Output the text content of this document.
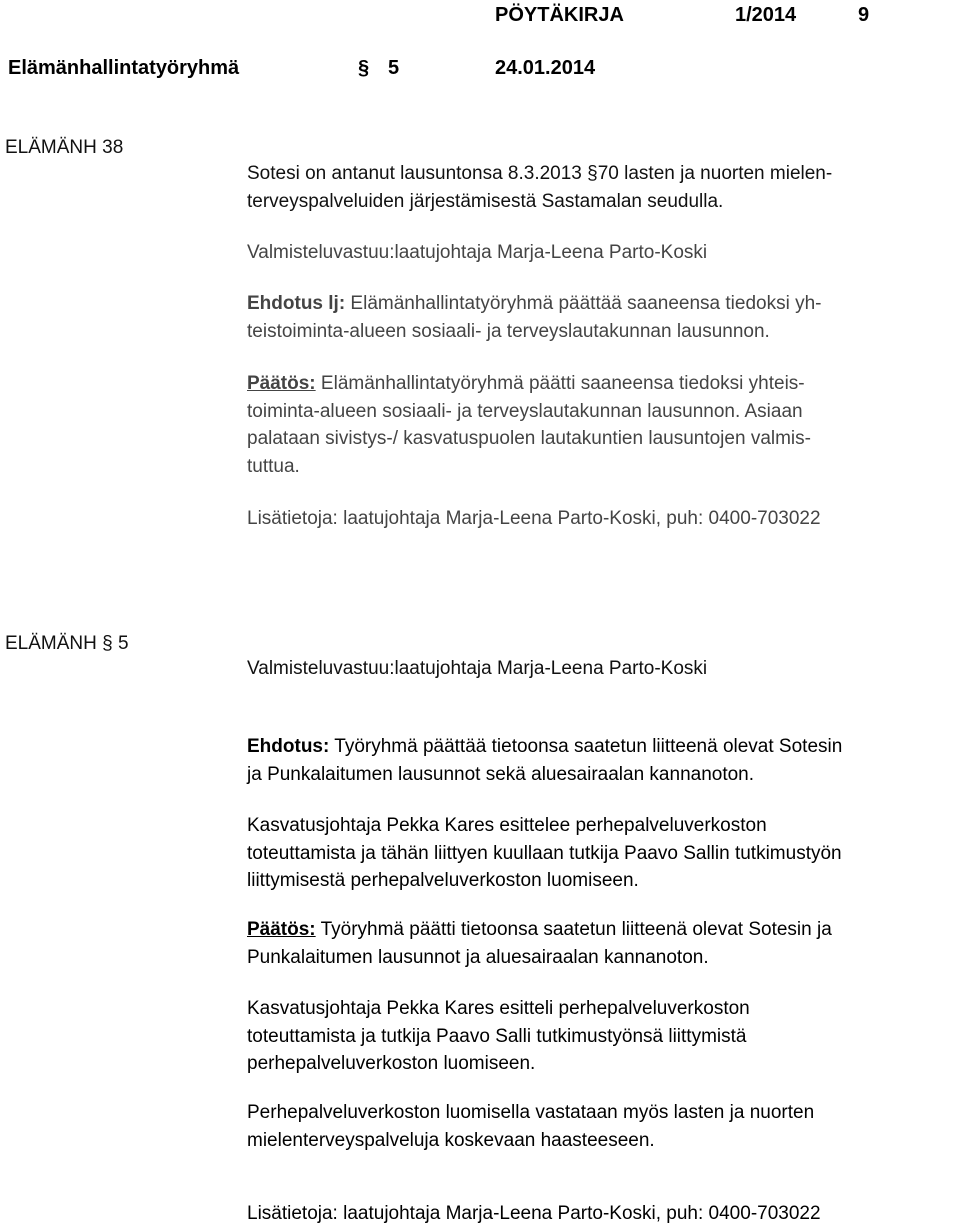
PÖYTÄKIRJA	1/2014	9
Elämänhallintatyöryhmä	§ 5	24.01.2014
ELÄMÄNH 38
Sotesi on antanut lausuntonsa 8.3.2013 §70 lasten ja nuorten mielen-
terveyspalveluiden järjestämisestä Sastamalan seudulla.
Valmisteluvastuu:laatujohtaja Marja-Leena Parto-Koski
Ehdotus lj: Elämänhallintatyöryhmä päättää saaneensa tiedoksi yh-
teistoiminta-alueen sosiaali- ja terveyslautakunnan lausunnon.
Päätös: Elämänhallintatyöryhmä päätti saaneensa tiedoksi yhteis-
toiminta-alueen sosiaali- ja terveyslautakunnan lausunnon. Asiaan
palataan sivistys-/ kasvatuspuolen lautakuntien lausuntojen valmis-
tuttua.
Lisätietoja: laatujohtaja Marja-Leena Parto-Koski, puh: 0400-703022
ELÄMÄNH § 5
Valmisteluvastuu:laatujohtaja Marja-Leena Parto-Koski
Ehdotus: Työryhmä päättää tietoonsa saatetun liitteenä olevat Sotesin
ja Punkalaitumen lausunnot sekä aluesairaalan kannanoton.
Kasvatusjohtaja Pekka Kares esittelee perhepalveluverkoston
toteuttamista ja tähän liittyen kuullaan tutkija Paavo Sallin tutkimustyön
liittymisestä perhepalveluverkoston luomiseen.
Päätös: Työryhmä päätti tietoonsa saatetun liitteenä olevat Sotesin ja
Punkalaitumen lausunnot ja aluesairaalan kannanoton.
Kasvatusjohtaja Pekka Kares esitteli perhepalveluverkoston
toteuttamista ja tutkija Paavo Salli tutkimustyönsä liittymistä
perhepalveluverkoston luomiseen.
Perhepalveluverkoston luomisella vastataan myös lasten ja nuorten
mielenterveyspalveluja koskevaan haasteeseen.
Lisätietoja: laatujohtaja Marja-Leena Parto-Koski, puh: 0400-703022
